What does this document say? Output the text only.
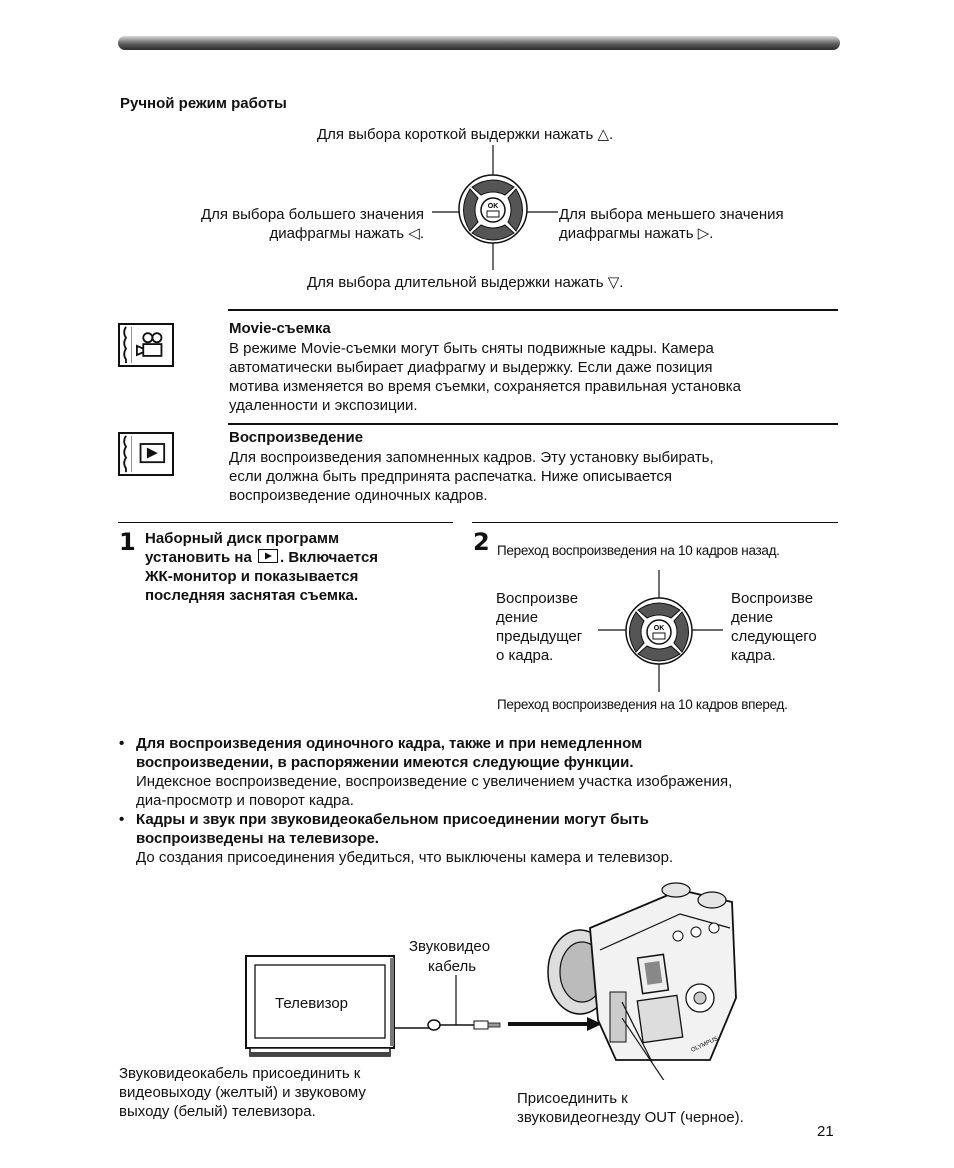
Ручной режим работы
Для выбора короткой выдержки нажать △.
Для выбора большего значения
диафрагмы нажать ◁.
Для выбора меньшего значения
диафрагмы нажать ▷.
Для выбора длительной выдержки нажать ▽.
OK
Movie-съемка
В режиме Movie-съемки могут быть сняты подвижные кадры. Камера
автоматически выбирает диафрагму и выдержку. Если даже позиция
мотива изменяется во время съемки, сохраняется правильная установка
удаленности и экспозиции.
Воспроизведение
Для воспроизведения запомненных кадров. Эту установку выбирать,
если должна быть предпринята распечатка. Ниже описывается
воспроизведение одиночных кадров.
1 Наборный диск программ
установить на . Включается
ЖК-монитор и показывается
последняя заснятая съемка.
2 Переход воспроизведения на 10 кадров назад.
Воспроизве
дение
предыдущег
о кадра.
Воспроизве
дение
следующего
кадра.
Переход воспроизведения на 10 кадров вперед.
OK
• Для воспроизведения одиночного кадра, также и при немедленном
воспроизведении, в распоряжении имеются следующие функции.
Индексное воспроизведение, воспроизведение с увеличением участка изображения,
диа-просмотр и поворот кадра.
• Кадры и звук при звуковидеокабельном присоединении могут быть
воспроизведены на телевизоре.
До создания присоединения убедиться, что выключены камера и телевизор.
OLYMPUS
Телевизор
Звуковидео
кабель
Звуковидеокабель присоединить к
видеовыходу (желтый) и звуковому
выходу (белый) телевизора.
Присоединить к
звуковидеогнезду OUT (черное).
21
